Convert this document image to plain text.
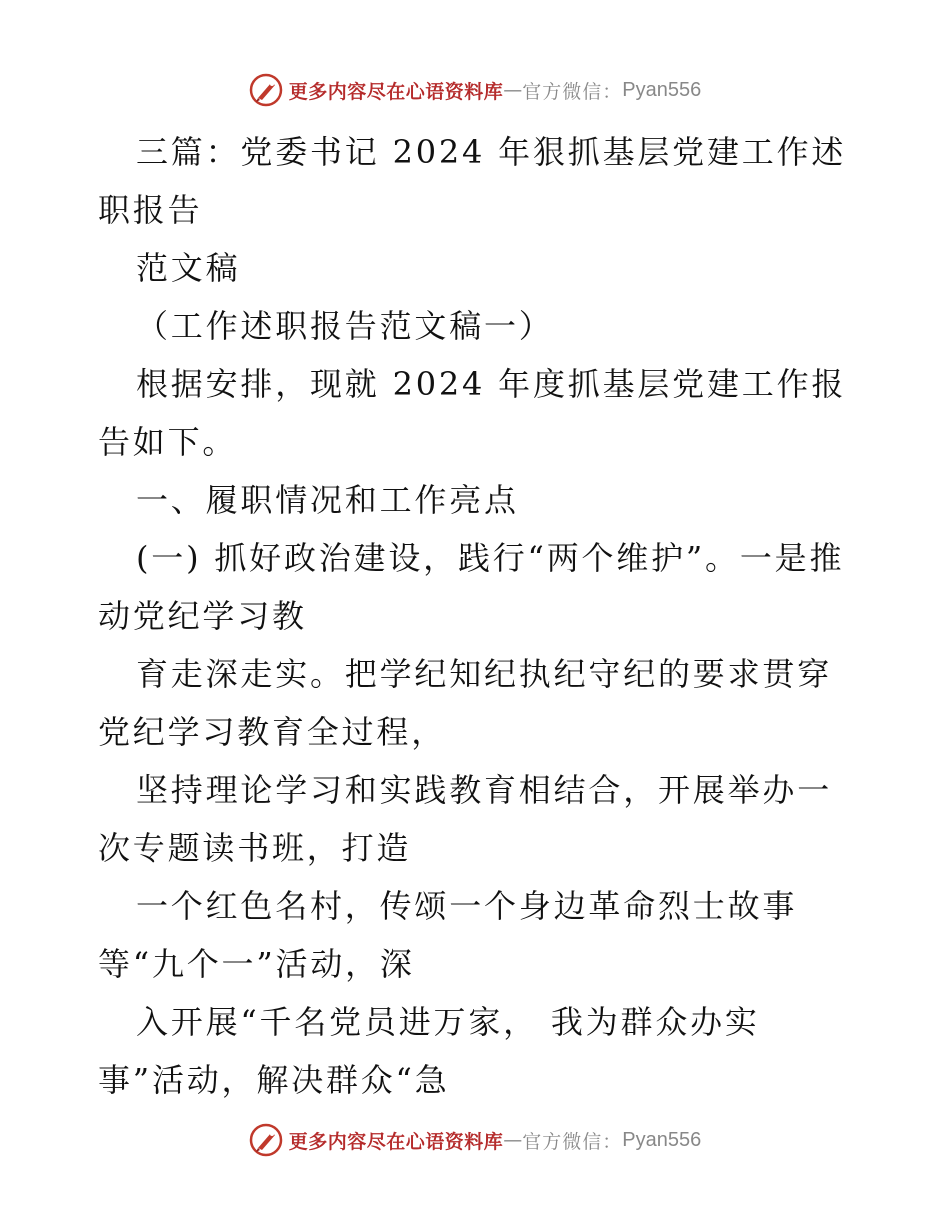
更多内容尽在心语资料库 — 官方微信： Pyan556

三篇：党委书记 2024 年狠抓基层党建工作述职报告

范文稿

（工作述职报告范文稿一）

根据安排，现就 2024 年度抓基层党建工作报告如下。

一、履职情况和工作亮点

(一) 抓好政治建设，践行“两个维护”。一是推动党纪学习教

育走深走实。把学纪知纪执纪守纪的要求贯穿党纪学习教育全过程，

坚持理论学习和实践教育相结合，开展举办一次专题读书班，打造

一个红色名村，传颂一个身边革命烈士故事 等“九个一”活动，深

入开展“千名党员进万家， 我为群众办实 事”活动，解决群众“急

更多内容尽在心语资料库 — 官方微信： Pyan556
